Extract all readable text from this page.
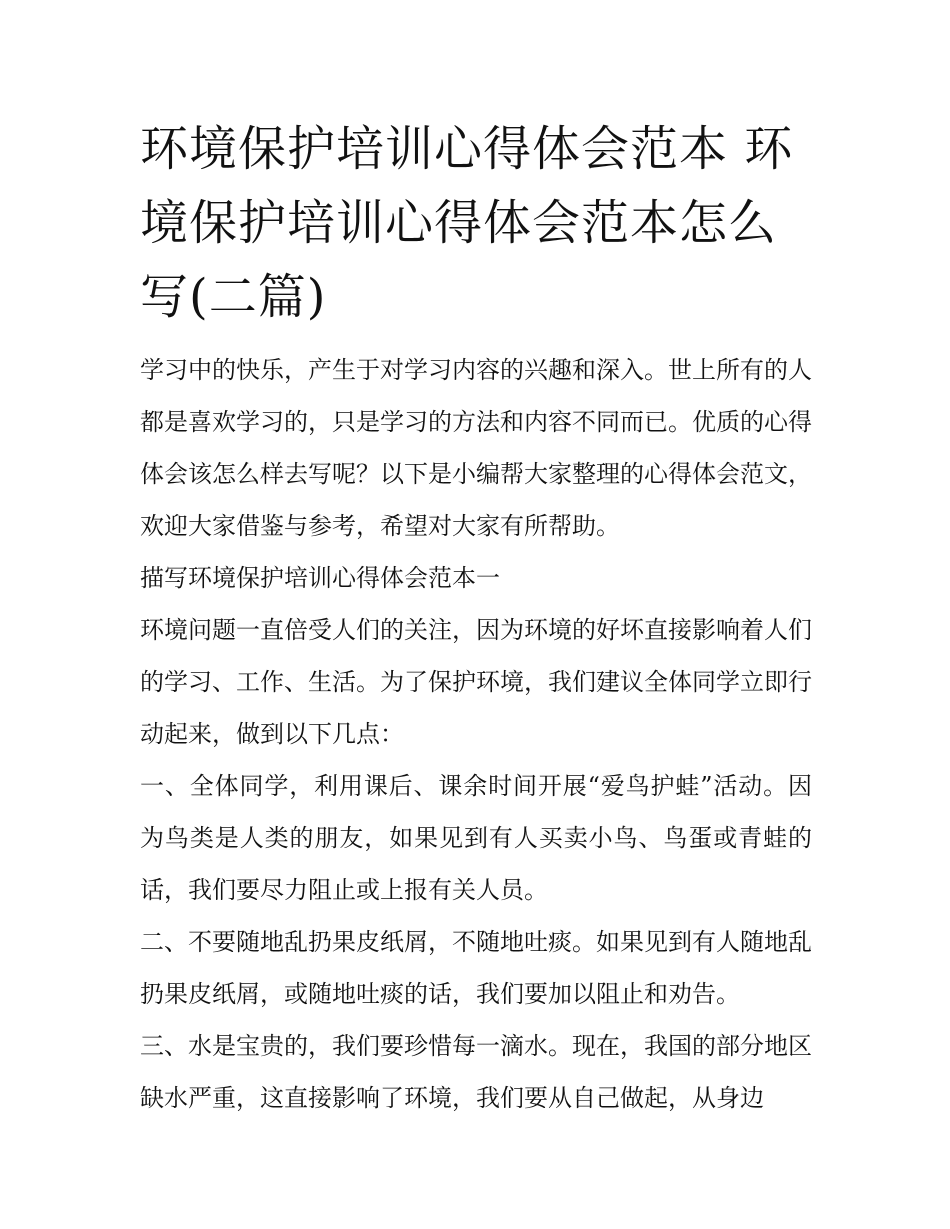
环境保护培训心得体会范本 环境保护培训心得体会范本怎么写(二篇)

学习中的快乐，产生于对学习内容的兴趣和深入。世上所有的人都是喜欢学习的，只是学习的方法和内容不同而已。优质的心得体会该怎么样去写呢？以下是小编帮大家整理的心得体会范文，欢迎大家借鉴与参考，希望对大家有所帮助。

描写环境保护培训心得体会范本一

环境问题一直倍受人们的关注，因为环境的好坏直接影响着人们的学习、工作、生活。为了保护环境，我们建议全体同学立即行动起来，做到以下几点：

一、全体同学，利用课后、课余时间开展“爱鸟护蛙”活动。因为鸟类是人类的朋友，如果见到有人买卖小鸟、鸟蛋或青蛙的话，我们要尽力阻止或上报有关人员。

二、不要随地乱扔果皮纸屑，不随地吐痰。如果见到有人随地乱扔果皮纸屑，或随地吐痰的话，我们要加以阻止和劝告。

三、水是宝贵的，我们要珍惜每一滴水。现在，我国的部分地区缺水严重，这直接影响了环境，我们要从自己做起，从身边
